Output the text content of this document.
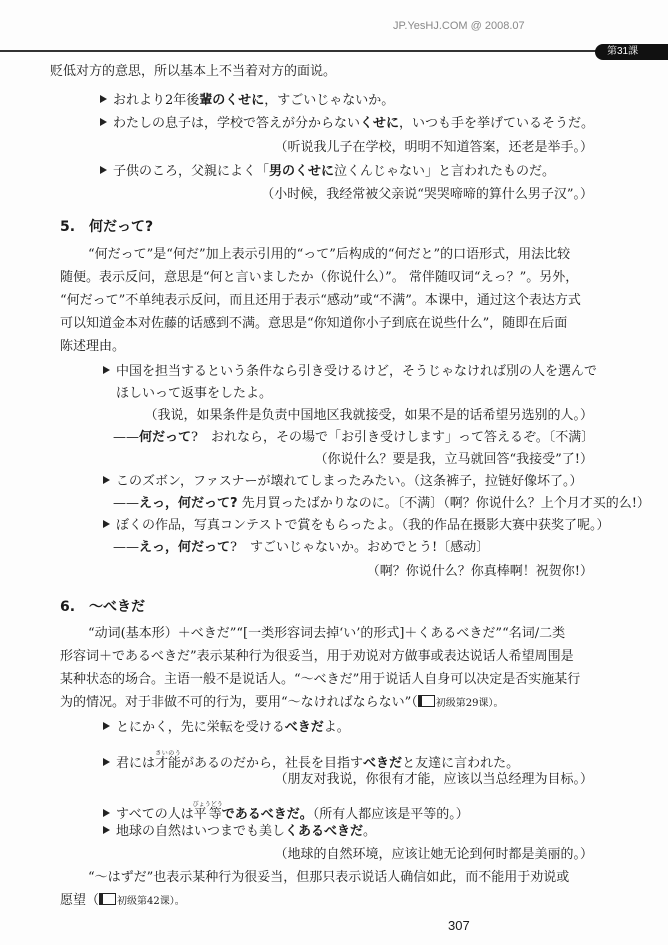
JP.YesHJ.COM @ 2008.07
第31課
贬低对方的意思，所以基本上不当着对方的面说。
おれより2年後輩のくせに，すごいじゃないか。
わたしの息子は，学校で答えが分からないくせに，いつも手を挙げているそうだ。
（听说我儿子在学校，明明不知道答案，还老是举手。）
子供のころ，父親によく「男のくせに泣くんじゃない」と言われたものだ。
（小时候，我经常被父亲说“哭哭啼啼的算什么男子汉”。）
5.　何だって?
“何だって”是“何だ”加上表示引用的“って”后构成的“何だと”的口语形式，用法比较
随便。表示反问，意思是“何と言いましたか（你说什么）”。 常伴随叹词“えっ？”。另外，
“何だって”不单纯表示反问，而且还用于表示“感动”或“不满”。本课中，通过这个表达方式
可以知道金本对佐藤的话感到不满。意思是“你知道你小子到底在说些什么”，随即在后面
陈述理由。
中国を担当するという条件なら引き受けるけど，そうじゃなければ別の人を選んで
ほしいって返事をしたよ。
（我说，如果条件是负责中国地区我就接受，如果不是的话希望另选别的人。）
——何だって?　おれなら，その場で「お引き受けします」って答えるぞ。〔不满〕
（你说什么？要是我，立马就回答“我接受”了!）
このズボン，ファスナーが壊れてしまったみたい。（这条裤子，拉链好像坏了。）
——えっ，何だって? 先月買ったばかりなのに。〔不满〕（啊？你说什么？上个月才买的么!）
ぼくの作品，写真コンテストで賞をもらったよ。（我的作品在摄影大赛中获奖了呢。）
——えっ，何だって?　すごいじゃないか。おめでとう!〔感动〕
（啊？你说什么？你真棒啊！祝贺你!）
6.　～べきだ
“动词(基本形）＋べきだ”“[一类形容词去掉‘い’的形式]＋くあるべきだ”“名词/二类
形容词＋であるべきだ”表示某种行为很妥当，用于劝说对方做事或表达说话人希望周围是
某种状态的场合。主语一般不是说话人。“～べきだ”用于说话人自身可以决定是否实施某行
为的情况。对于非做不可的行为，要用“～なければならない”（ 初级第29课）。
とにかく，先に栄転を受けるべきだよ。
君には才能さいのうがあるのだから，社長を目指すべきだと友達に言われた。
（朋友对我说，你很有才能，应该以当总经理为目标。）
すべての人は平等びょうどうであるべきだ。（所有人都应该是平等的。）
地球の自然はいつまでも美しくあるべきだ。
（地球的自然环境，应该让她无论到何时都是美丽的。）
“～はずだ”也表示某种行为很妥当，但那只表示说话人确信如此，而不能用于劝说或
愿望（ 初级第42课）。
307
